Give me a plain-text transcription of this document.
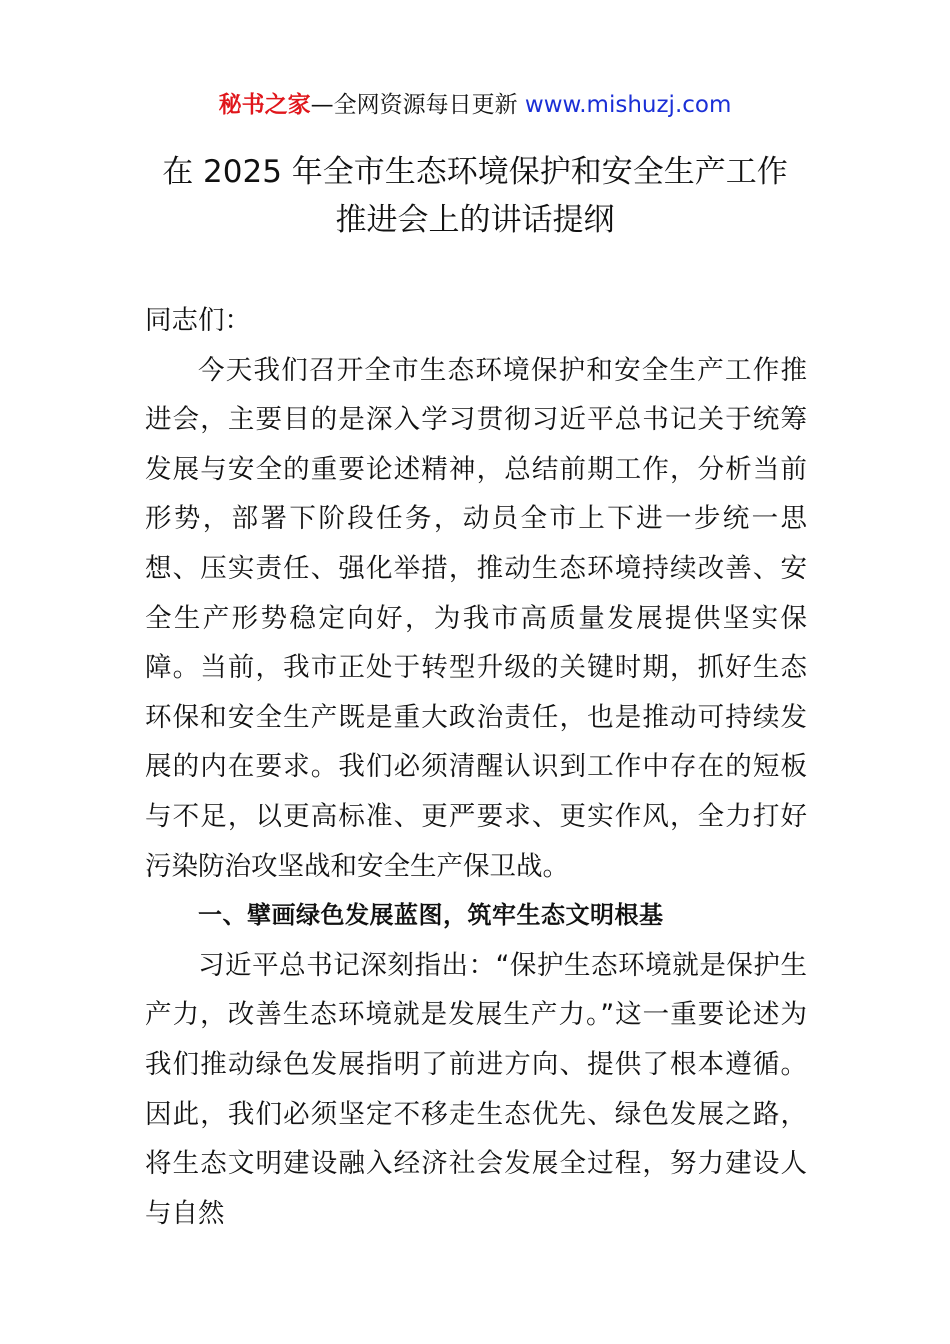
秘书之家—全网资源每日更新 www.mishuzj.com
在 2025 年全市生态环境保护和安全生产工作
推进会上的讲话提纲

同志们：

今天我们召开全市生态环境保护和安全生产工作推进会，主要目的是深入学习贯彻习近平总书记关于统筹发展与安全的重要论述精神，总结前期工作，分析当前形势，部署下阶段任务，动员全市上下进一步统一思想、压实责任、强化举措，推动生态环境持续改善、安全生产形势稳定向好，为我市高质量发展提供坚实保障。当前，我市正处于转型升级的关键时期，抓好生态环保和安全生产既是重大政治责任，也是推动可持续发展的内在要求。我们必须清醒认识到工作中存在的短板与不足，以更高标准、更严要求、更实作风，全力打好污染防治攻坚战和安全生产保卫战。

一、擘画绿色发展蓝图，筑牢生态文明根基

习近平总书记深刻指出：“保护生态环境就是保护生产力，改善生态环境就是发展生产力。”这一重要论述为我们推动绿色发展指明了前进方向、提供了根本遵循。因此，我们必须坚定不移走生态优先、绿色发展之路，将生态文明建设融入经济社会发展全过程，努力建设人与自然
